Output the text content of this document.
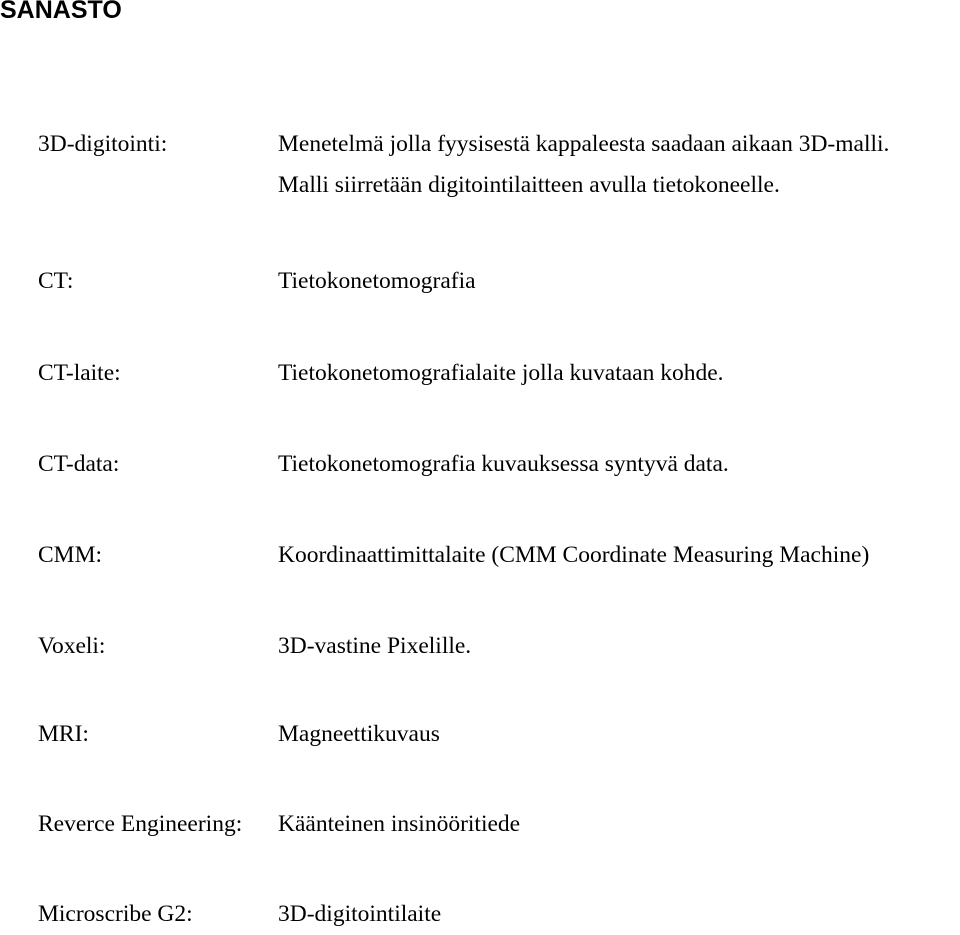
SANASTO
3D-digitointi:	Menetelmä jolla fyysisestä kappaleesta saadaan aikaan 3D-malli.
Malli siirretään digitointilaitteen avulla tietokoneelle.
CT:	Tietokonetomografia
CT-laite:	Tietokonetomografialaite jolla kuvataan kohde.
CT-data:	Tietokonetomografia kuvauksessa syntyvä data.
CMM:	Koordinaattimittalaite (CMM Coordinate Measuring Machine)
Voxeli:	3D-vastine Pixelille.
MRI:	Magneettikuvaus
Reverce Engineering: Käänteinen insinööritiede
Microscribe G2:	3D-digitointilaite
